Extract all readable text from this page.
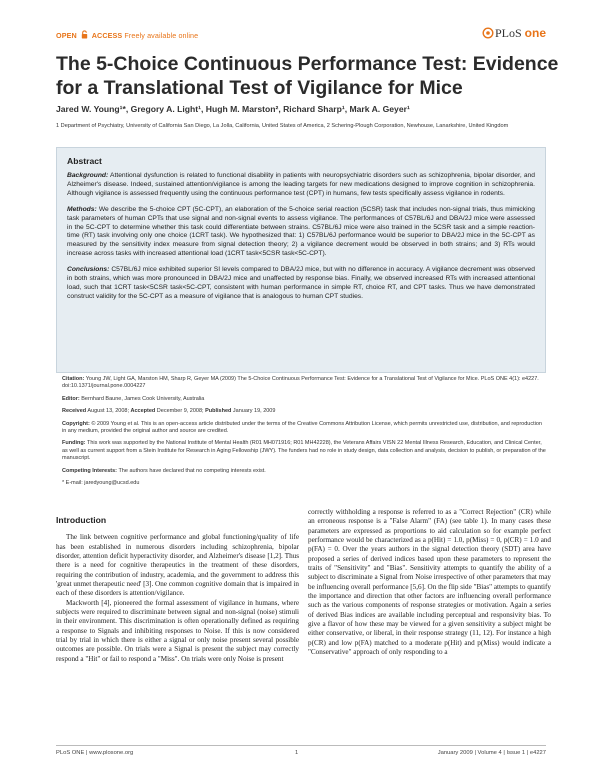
OPEN ACCESS Freely available online	PLoS one
The 5-Choice Continuous Performance Test: Evidence for a Translational Test of Vigilance for Mice
Jared W. Young¹*, Gregory A. Light¹, Hugh M. Marston², Richard Sharp¹, Mark A. Geyer¹
1 Department of Psychiatry, University of California San Diego, La Jolla, California, United States of America, 2 Schering-Plough Corporation, Newhouse, Lanarkshire, United Kingdom
Abstract

Background: Attentional dysfunction is related to functional disability in patients with neuropsychiatric disorders such as schizophrenia, bipolar disorder, and Alzheimer's disease. Indeed, sustained attention/vigilance is among the leading targets for new medications designed to improve cognition in schizophrenia. Although vigilance is assessed frequently using the continuous performance test (CPT) in humans, few tests specifically assess vigilance in rodents.

Methods: We describe the 5-choice CPT (5C-CPT), an elaboration of the 5-choice serial reaction (5CSR) task that includes non-signal trials, thus mimicking task parameters of human CPTs that use signal and non-signal events to assess vigilance. The performances of C57BL/6J and DBA/2J mice were assessed in the 5C-CPT to determine whether this task could differentiate between strains. C57BL/6J mice were also trained in the 5CSR task and a simple reaction-time (RT) task involving only one choice (1CRT task). We hypothesized that: 1) C57BL/6J performance would be superior to DBA/2J mice in the 5C-CPT as measured by the sensitivity index measure from signal detection theory; 2) a vigilance decrement would be observed in both strains; and 3) RTs would increase across tasks with increased attentional load (1CRT task<5CSR task<5C-CPT).

Conclusions: C57BL/6J mice exhibited superior SI levels compared to DBA/2J mice, but with no difference in accuracy. A vigilance decrement was observed in both strains, which was more pronounced in DBA/2J mice and unaffected by response bias. Finally, we observed increased RTs with increased attentional load, such that 1CRT task<5CSR task<5C-CPT, consistent with human performance in simple RT, choice RT, and CPT tasks. Thus we have demonstrated construct validity for the 5C-CPT as a measure of vigilance that is analogous to human CPT studies.

Citation: Young JW, Light GA, Marston HM, Sharp R, Geyer MA (2009) The 5-Choice Continuous Performance Test: Evidence for a Translational Test of Vigilance for Mice. PLoS ONE 4(1): e4227. doi:10.1371/journal.pone.0004227

Editor: Bernhard Baune, James Cook University, Australia

Received August 13, 2008; Accepted December 9, 2008; Published January 19, 2009

Copyright: © 2009 Young et al. This is an open-access article distributed under the terms of the Creative Commons Attribution License, which permits unrestricted use, distribution, and reproduction in any medium, provided the original author and source are credited.

Funding: This work was supported by the National Institute of Mental Health (R01 MH071916; R01 MH42228), the Veterans Affairs VISN 22 Mental Illness Research, Education, and Clinical Center, as well as current support from a Stein Institute for Research in Aging Fellowship (JWY). The funders had no role in study design, data collection and analysis, decision to publish, or preparation of the manuscript.

Competing Interests: The authors have declared that no competing interests exist.

* E-mail: jaredyoung@ucsd.edu

Introduction

The link between cognitive performance and global functioning/quality of life has been established in numerous disorders including schizophrenia, bipolar disorder, attention deficit hyperactivity disorder, and Alzheimer's disease [1,2]. Thus there is a need for cognitive therapeutics in the treatment of these disorders, requiring the contribution of industry, academia, and the government to address this 'great unmet therapeutic need' [3]. One common cognitive domain that is impaired in each of these disorders is attention/vigilance.

Mackworth [4], pioneered the formal assessment of vigilance in humans, where subjects were required to discriminate between signal and non-signal (noise) stimuli in their environment. This discrimination is often operationally defined as requiring a response to Signals and inhibiting responses to Noise. If this is now considered trial by trial in which there is either a signal or only noise present several possible outcomes are possible. On trials were a Signal is present the subject may correctly respond a "Hit" or fail to respond a "Miss". On trials were only Noise is present

correctly withholding a response is referred to as a "Correct Rejection" (CR) while an erroneous response is a "False Alarm" (FA) (see table 1). In many cases these parameters are expressed as proportions to aid calculation so for example perfect performance would be characterized as a p(Hit) = 1.0, p(Miss) = 0, p(CR) = 1.0 and p(FA) = 0. Over the years authors in the signal detection theory (SDT) area have proposed a series of derived indices based upon these parameters to represent the traits of "Sensitivity" and "Bias". Sensitivity attempts to quantify the ability of a subject to discriminate a Signal from Noise irrespective of other parameters that may be influencing overall performance [5,6]. On the flip side "Bias" attempts to quantify the importance and direction that other factors are influencing overall performance such as the various components of response strategies or motivation. Again a series of derived Bias indices are available including perceptual and responsivity bias. To give a flavor of how these may be viewed for a given sensitivity a subject might be either conservative, or liberal, in their response strategy (11, 12). For instance a high p(CR) and low p(FA) matched to a moderate p(Hit) and p(Miss) would indicate a "Conservative" approach of only responding to a

PLoS ONE | www.plosone.org	1	January 2009 | Volume 4 | Issue 1 | e4227
